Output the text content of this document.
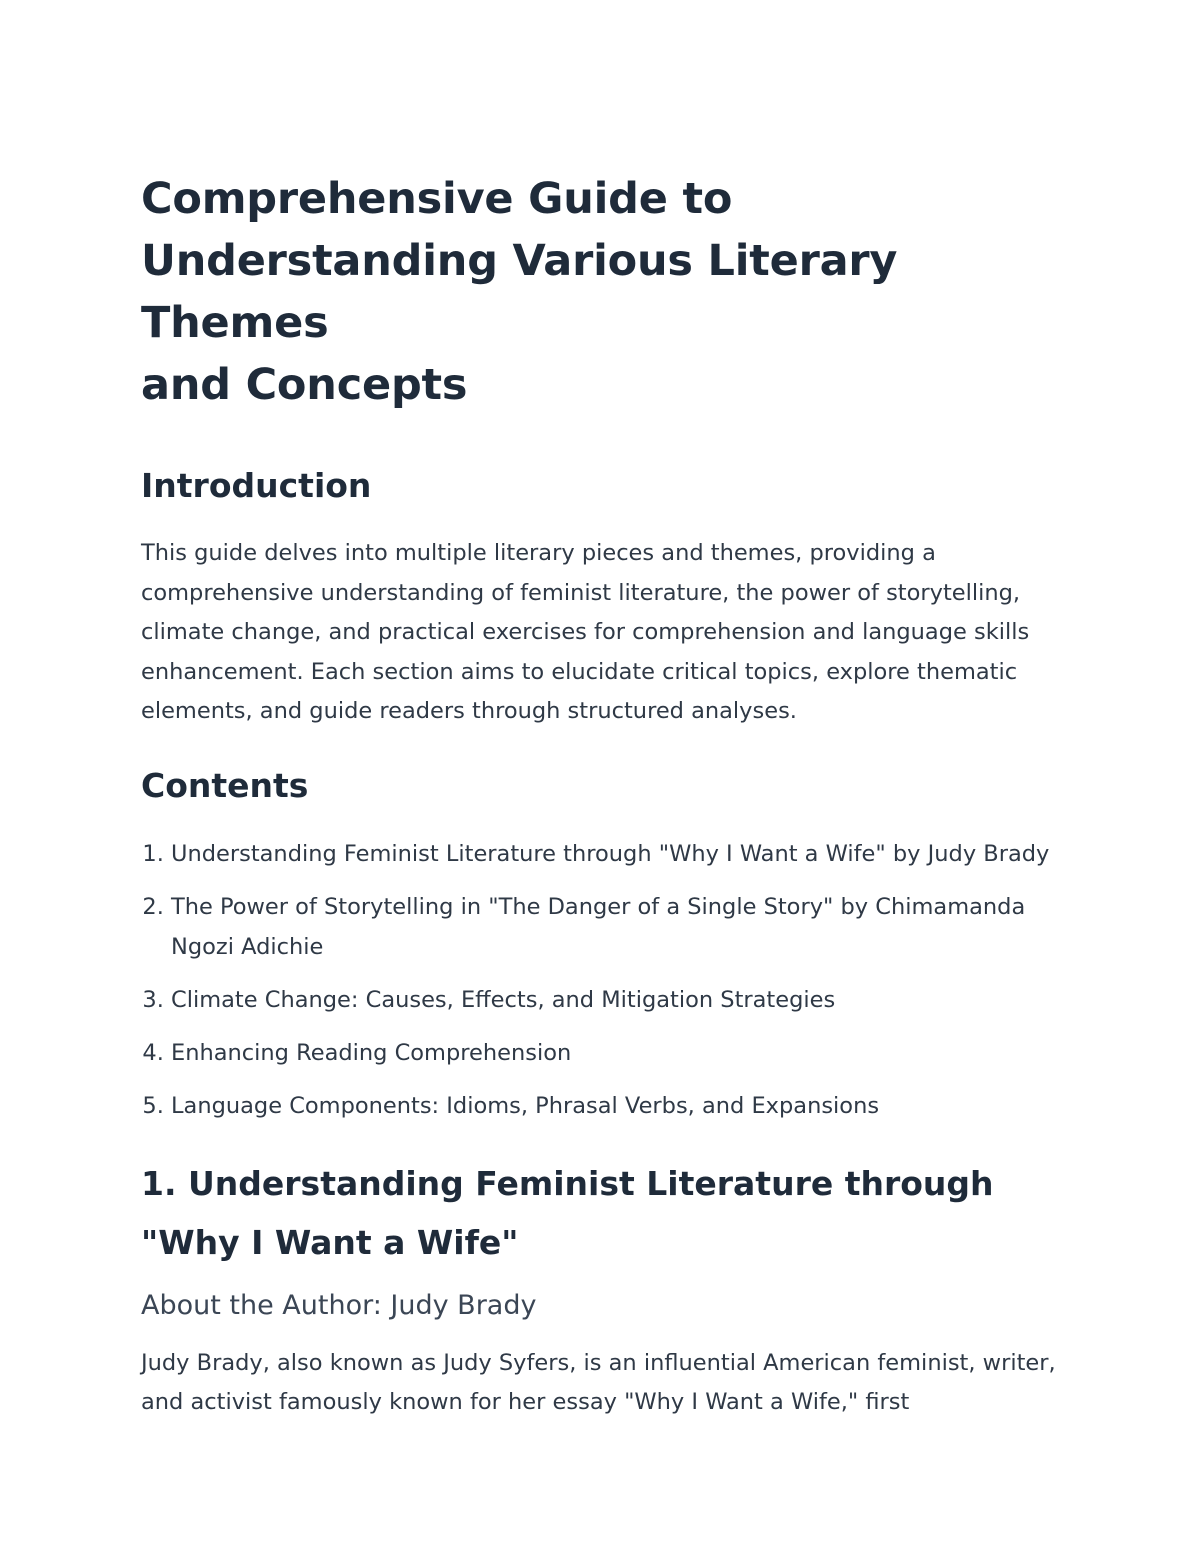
Comprehensive Guide to
Understanding Various Literary Themes
and Concepts
Introduction

This guide delves into multiple literary pieces and themes, providing a comprehensive understanding of feminist literature, the power of storytelling, climate change, and practical exercises for comprehension and language skills enhancement. Each section aims to elucidate critical topics, explore thematic elements, and guide readers through structured analyses.

Contents
1. Understanding Feminist Literature through "Why I Want a Wife" by Judy Brady
2. The Power of Storytelling in "The Danger of a Single Story" by Chimamanda Ngozi Adichie
3. Climate Change: Causes, Effects, and Mitigation Strategies
4. Enhancing Reading Comprehension
5. Language Components: Idioms, Phrasal Verbs, and Expansions
1. Understanding Feminist Literature through "Why I Want a Wife"
About the Author: Judy Brady

Judy Brady, also known as Judy Syfers, is an influential American feminist, writer, and activist famously known for her essay "Why I Want a Wife," first
